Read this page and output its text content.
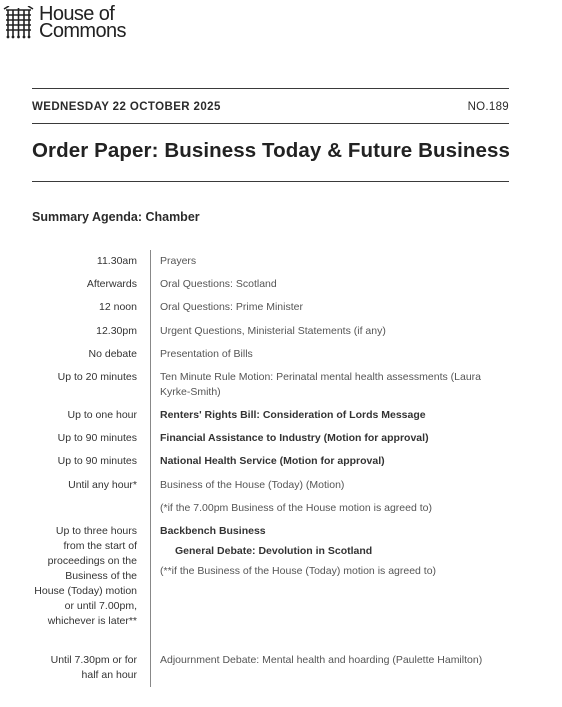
House of
Commons
WEDNESDAY 22 OCTOBER 2025	NO.189
Order Paper: Business Today & Future Business
Summary Agenda: Chamber
11.30am Prayers
Afterwards Oral Questions: Scotland
12 noon Oral Questions: Prime Minister
12.30pm Urgent Questions, Ministerial Statements (if any)
No debate Presentation of Bills
Up to 20 minutes Ten Minute Rule Motion: Perinatal mental health assessments (Laura Kyrke-Smith)
Up to one hour Renters' Rights Bill: Consideration of Lords Message
Up to 90 minutes Financial Assistance to Industry (Motion for approval)
Up to 90 minutes National Health Service (Motion for approval)
Until any hour* Business of the House (Today) (Motion)
(*if the 7.00pm Business of the House motion is agreed to)
Up to three hours from the start of proceedings on the Business of the House (Today) motion or until 7.00pm, whichever is later**
Backbench Business
General Debate: Devolution in Scotland
(**if the Business of the House (Today) motion is agreed to)
Until 7.30pm or for half an hour
Adjournment Debate: Mental health and hoarding (Paulette Hamilton)
